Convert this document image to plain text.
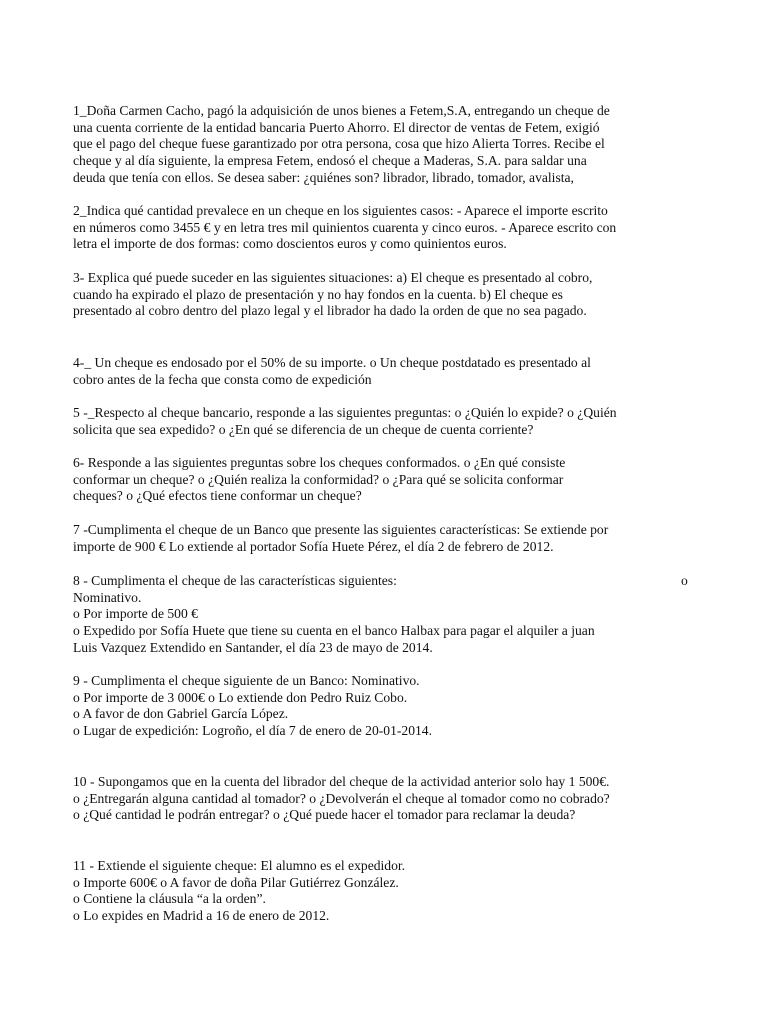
1_Doña Carmen Cacho, pagó la adquisición de unos bienes a Fetem,S.A, entregando un cheque de
una cuenta corriente de la entidad bancaria Puerto Ahorro. El director de ventas de Fetem, exigió
que el pago del cheque fuese garantizado por otra persona, cosa que hizo Alierta Torres. Recibe el
cheque y al día siguiente, la empresa Fetem, endosó el cheque a Maderas, S.A. para saldar una
deuda que tenía con ellos. Se desea saber: ¿quiénes son? librador, librado, tomador, avalista,
2_Indica qué cantidad prevalece en un cheque en los siguientes casos: - Aparece el importe escrito
en números como 3455 € y en letra tres mil quinientos cuarenta y cinco euros. - Aparece escrito con
letra el importe de dos formas: como doscientos euros y como quinientos euros.
3- Explica qué puede suceder en las siguientes situaciones: a) El cheque es presentado al cobro,
cuando ha expirado el plazo de presentación y no hay fondos en la cuenta. b) El cheque es
presentado al cobro dentro del plazo legal y el librador ha dado la orden de que no sea pagado.
4-_ Un cheque es endosado por el 50% de su importe. o Un cheque postdatado es presentado al
cobro antes de la fecha que consta como de expedición
5 -_Respecto al cheque bancario, responde a las siguientes preguntas: o ¿Quién lo expide? o ¿Quién
solicita que sea expedido? o ¿En qué se diferencia de un cheque de cuenta corriente?
6- Responde a las siguientes preguntas sobre los cheques conformados. o ¿En qué consiste
conformar un cheque? o ¿Quién realiza la conformidad? o ¿Para qué se solicita conformar
cheques? o ¿Qué efectos tiene conformar un cheque?
7 -Cumplimenta el cheque de un Banco que presente las siguientes características: Se extiende por
importe de 900 € Lo extiende al portador Sofía Huete Pérez, el día 2 de febrero de 2012.
8 - Cumplimenta el cheque de las características siguientes:	o
Nominativo.
o Por importe de 500 €
o Expedido por Sofía Huete que tiene su cuenta en el banco Halbax para pagar el alquiler a juan
Luis Vazquez Extendido en Santander, el día 23 de mayo de 2014.
9 - Cumplimenta el cheque siguiente de un Banco: Nominativo.
o Por importe de 3 000€ o Lo extiende don Pedro Ruiz Cobo.
o A favor de don Gabriel García López.
o Lugar de expedición: Logroño, el día 7 de enero de 20-01-2014.
10 - Supongamos que en la cuenta del librador del cheque de la actividad anterior solo hay 1 500€.
o ¿Entregarán alguna cantidad al tomador? o ¿Devolverán el cheque al tomador como no cobrado?
o ¿Qué cantidad le podrán entregar? o ¿Qué puede hacer el tomador para reclamar la deuda?
11 - Extiende el siguiente cheque: El alumno es el expedidor.
o Importe 600€ o A favor de doña Pilar Gutiérrez González.
o Contiene la cláusula “a la orden”.
o Lo expides en Madrid a 16 de enero de 2012.
